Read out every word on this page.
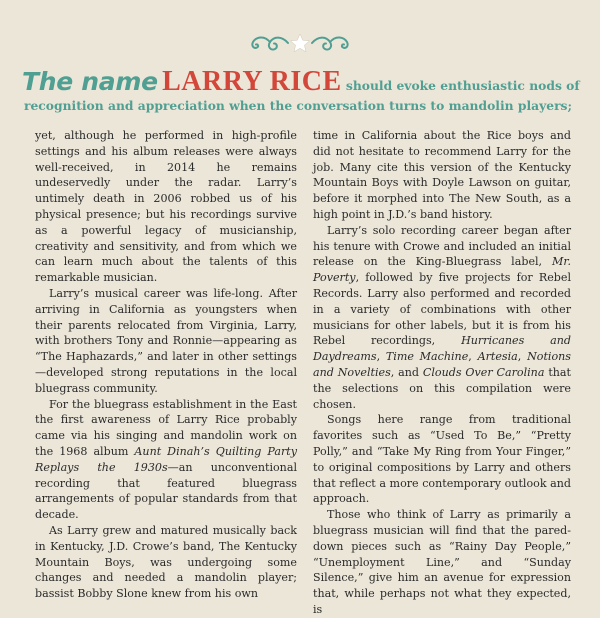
The name LARRY RICE should evoke enthusiastic nods of
recognition and appreciation when the conversation turns to mandolin players;

yet, although he performed in high-profile settings and his album releases were always well-received, in 2014 he remains undeservedly under the radar. Larry’s untimely death in 2006 robbed us of his physical presence; but his recordings survive as a powerful legacy of musicianship, creativity and sensitivity, and from which we can learn much about the talents of this remarkable musician.

Larry’s musical career was life-long. After arriving in California as youngsters when their parents relocated from Virginia, Larry, with brothers Tony and Ronnie—appearing as “The Haphazards,” and later in other settings—developed strong reputations in the local bluegrass community.

For the bluegrass establishment in the East the first awareness of Larry Rice probably came via his singing and mandolin work on the 1968 album Aunt Dinah’s Quilting Party Replays the 1930s—an unconventional recording that featured bluegrass arrangements of popular standards from that decade.

As Larry grew and matured musically back in Kentucky, J.D. Crowe’s band, The Kentucky Mountain Boys, was undergoing some changes and needed a mandolin player; bassist Bobby Slone knew from his own

time in California about the Rice boys and did not hesitate to recommend Larry for the job. Many cite this version of the Kentucky Mountain Boys with Doyle Lawson on guitar, before it morphed into The New South, as a high point in J.D.’s band history.

Larry’s solo recording career began after his tenure with Crowe and included an initial release on the King-Bluegrass label, Mr. Poverty, followed by five projects for Rebel Records. Larry also performed and recorded in a variety of combinations with other musicians for other labels, but it is from his Rebel recordings, Hurricanes and Daydreams, Time Machine, Artesia, Notions and Novelties, and Clouds Over Carolina that the selections on this compilation were chosen.

Songs here range from traditional favorites such as “Used To Be,” “Pretty Polly,” and “Take My Ring from Your Finger,” to original compositions by Larry and others that reflect a more contemporary outlook and approach.

Those who think of Larry as primarily a bluegrass musician will find that the pared-down pieces such as “Rainy Day People,” “Unemployment Line,” and “Sunday Silence,” give him an avenue for expression that, while perhaps not what they expected, is
